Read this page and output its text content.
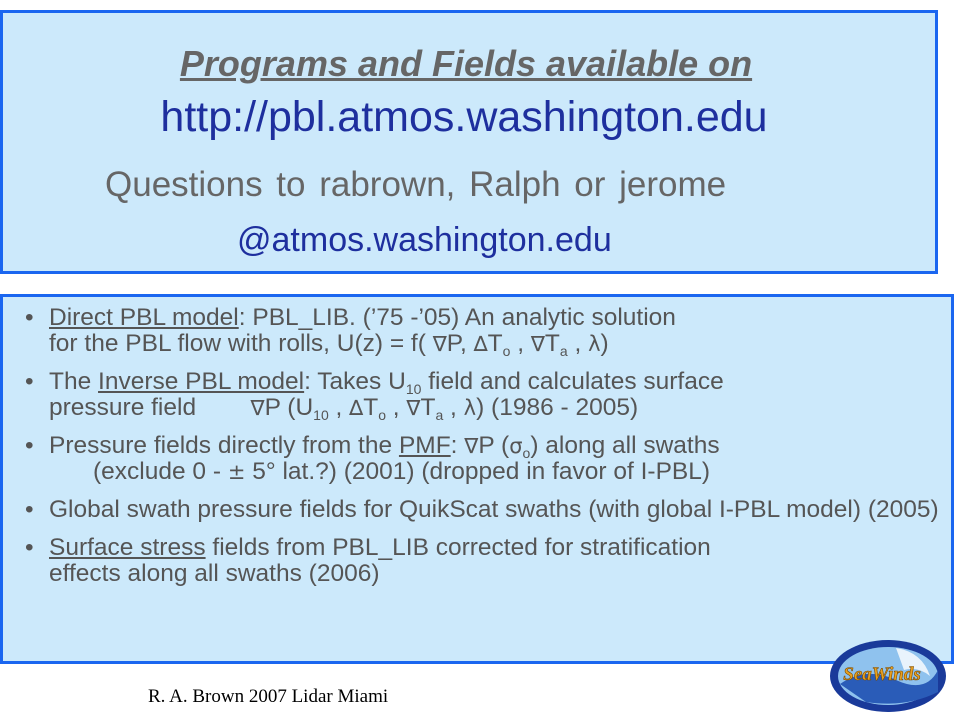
Programs and Fields available on
http://pbl.atmos.washington.edu
Questions to rabrown, Ralph or jerome
@atmos.washington.edu
• Direct PBL model: PBL_LIB. (’75 -’05) An analytic solution
for the PBL flow with rolls, U(z) = f( ∇P, $\Delta T_o$ , $\nabla T_a$ , λ)
• The Inverse PBL model: Takes $U_{10}$ field and calculates surface
pressure field        ∇P ($U_{10}$ , $\Delta T_o$ , $\nabla T_a$ , λ) (1986 - 2005)
• Pressure fields directly from the PMF: ∇P $(\sigma_o)$ along all swaths
(exclude 0 - ± 5° lat.?) (2001) (dropped in favor of I-PBL)
• Global swath pressure fields for QuikScat swaths (with global I-PBL model) (2005)
• Surface stress fields from PBL_LIB corrected for stratification
effects along all swaths (2006)
R. A. Brown 2007 Lidar Miami
SeaWinds
